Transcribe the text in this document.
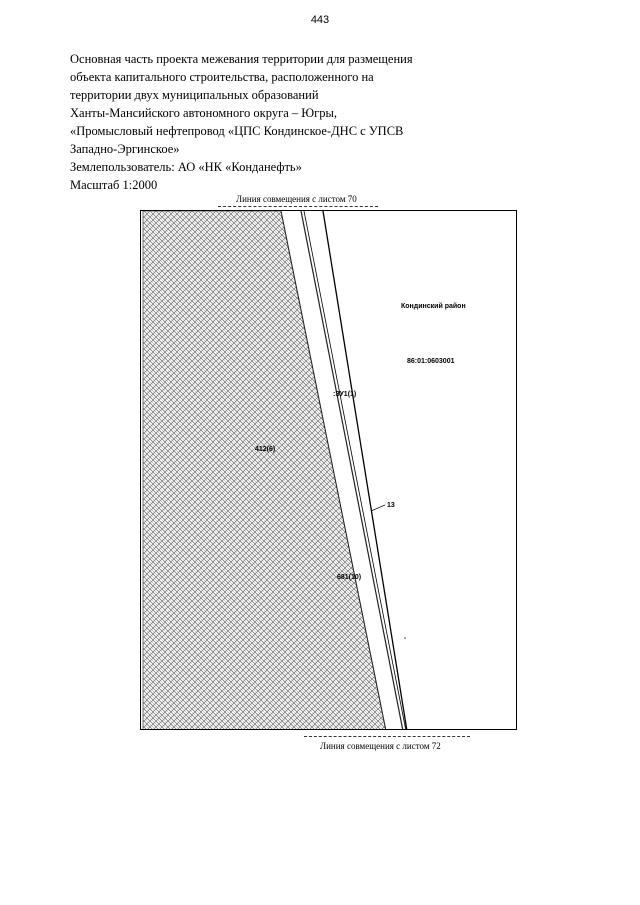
443
Основная часть проекта межевания территории для размещения
объекта капитального строительства, расположенного на
территории двух муниципальных образований
Ханты-Мансийского автономного округа – Югры,
«Промысловый нефтепровод «ЦПС Кондинское-ДНС с УПСВ
Западно-Эргинское»
Землепользователь: АО «НК «Конданефть»
Масштаб 1:2000
Линия совмещения с листом 70
Кондинский район
86:01:0603001
:ЗУ1(1)
412(6)
13
681(10)
Линия совмещения с листом 72
